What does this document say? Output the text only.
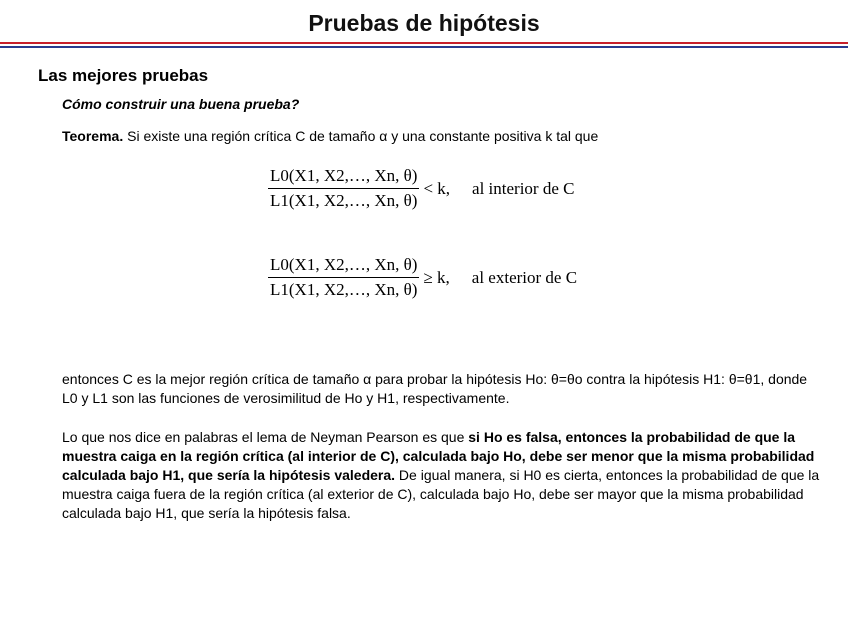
Pruebas de hipótesis
Las mejores pruebas
Cómo construir una buena prueba?
Teorema. Si existe una región crítica C de tamaño α y una constante positiva k tal que
$\frac{L0(X1, X2,\dots, Xn, \theta)}{L1(X1, X2,\dots, Xn, \theta)} < k$, al interior de C
$\frac{L0(X1, X2,\dots, Xn, \theta)}{L1(X1, X2,\dots, Xn, \theta)} \ge k$, al exterior de C
entonces C es la mejor región crítica de tamaño α para probar la hipótesis Ho: θ=θo contra la hipótesis H1: θ=θ1, donde L0 y L1 son las funciones de verosimilitud de Ho y H1, respectivamente.
Lo que nos dice en palabras el lema de Neyman Pearson es que si Ho es falsa, entonces la probabilidad de que la muestra caiga en la región crítica (al interior de C), calculada bajo Ho, debe ser menor que la misma probabilidad calculada bajo H1, que sería la hipótesis valedera. De igual manera, si H0 es cierta, entonces la probabilidad de que la muestra caiga fuera de la región crítica (al exterior de C), calculada bajo Ho, debe ser mayor que la misma probabilidad calculada bajo H1, que sería la hipótesis falsa.
